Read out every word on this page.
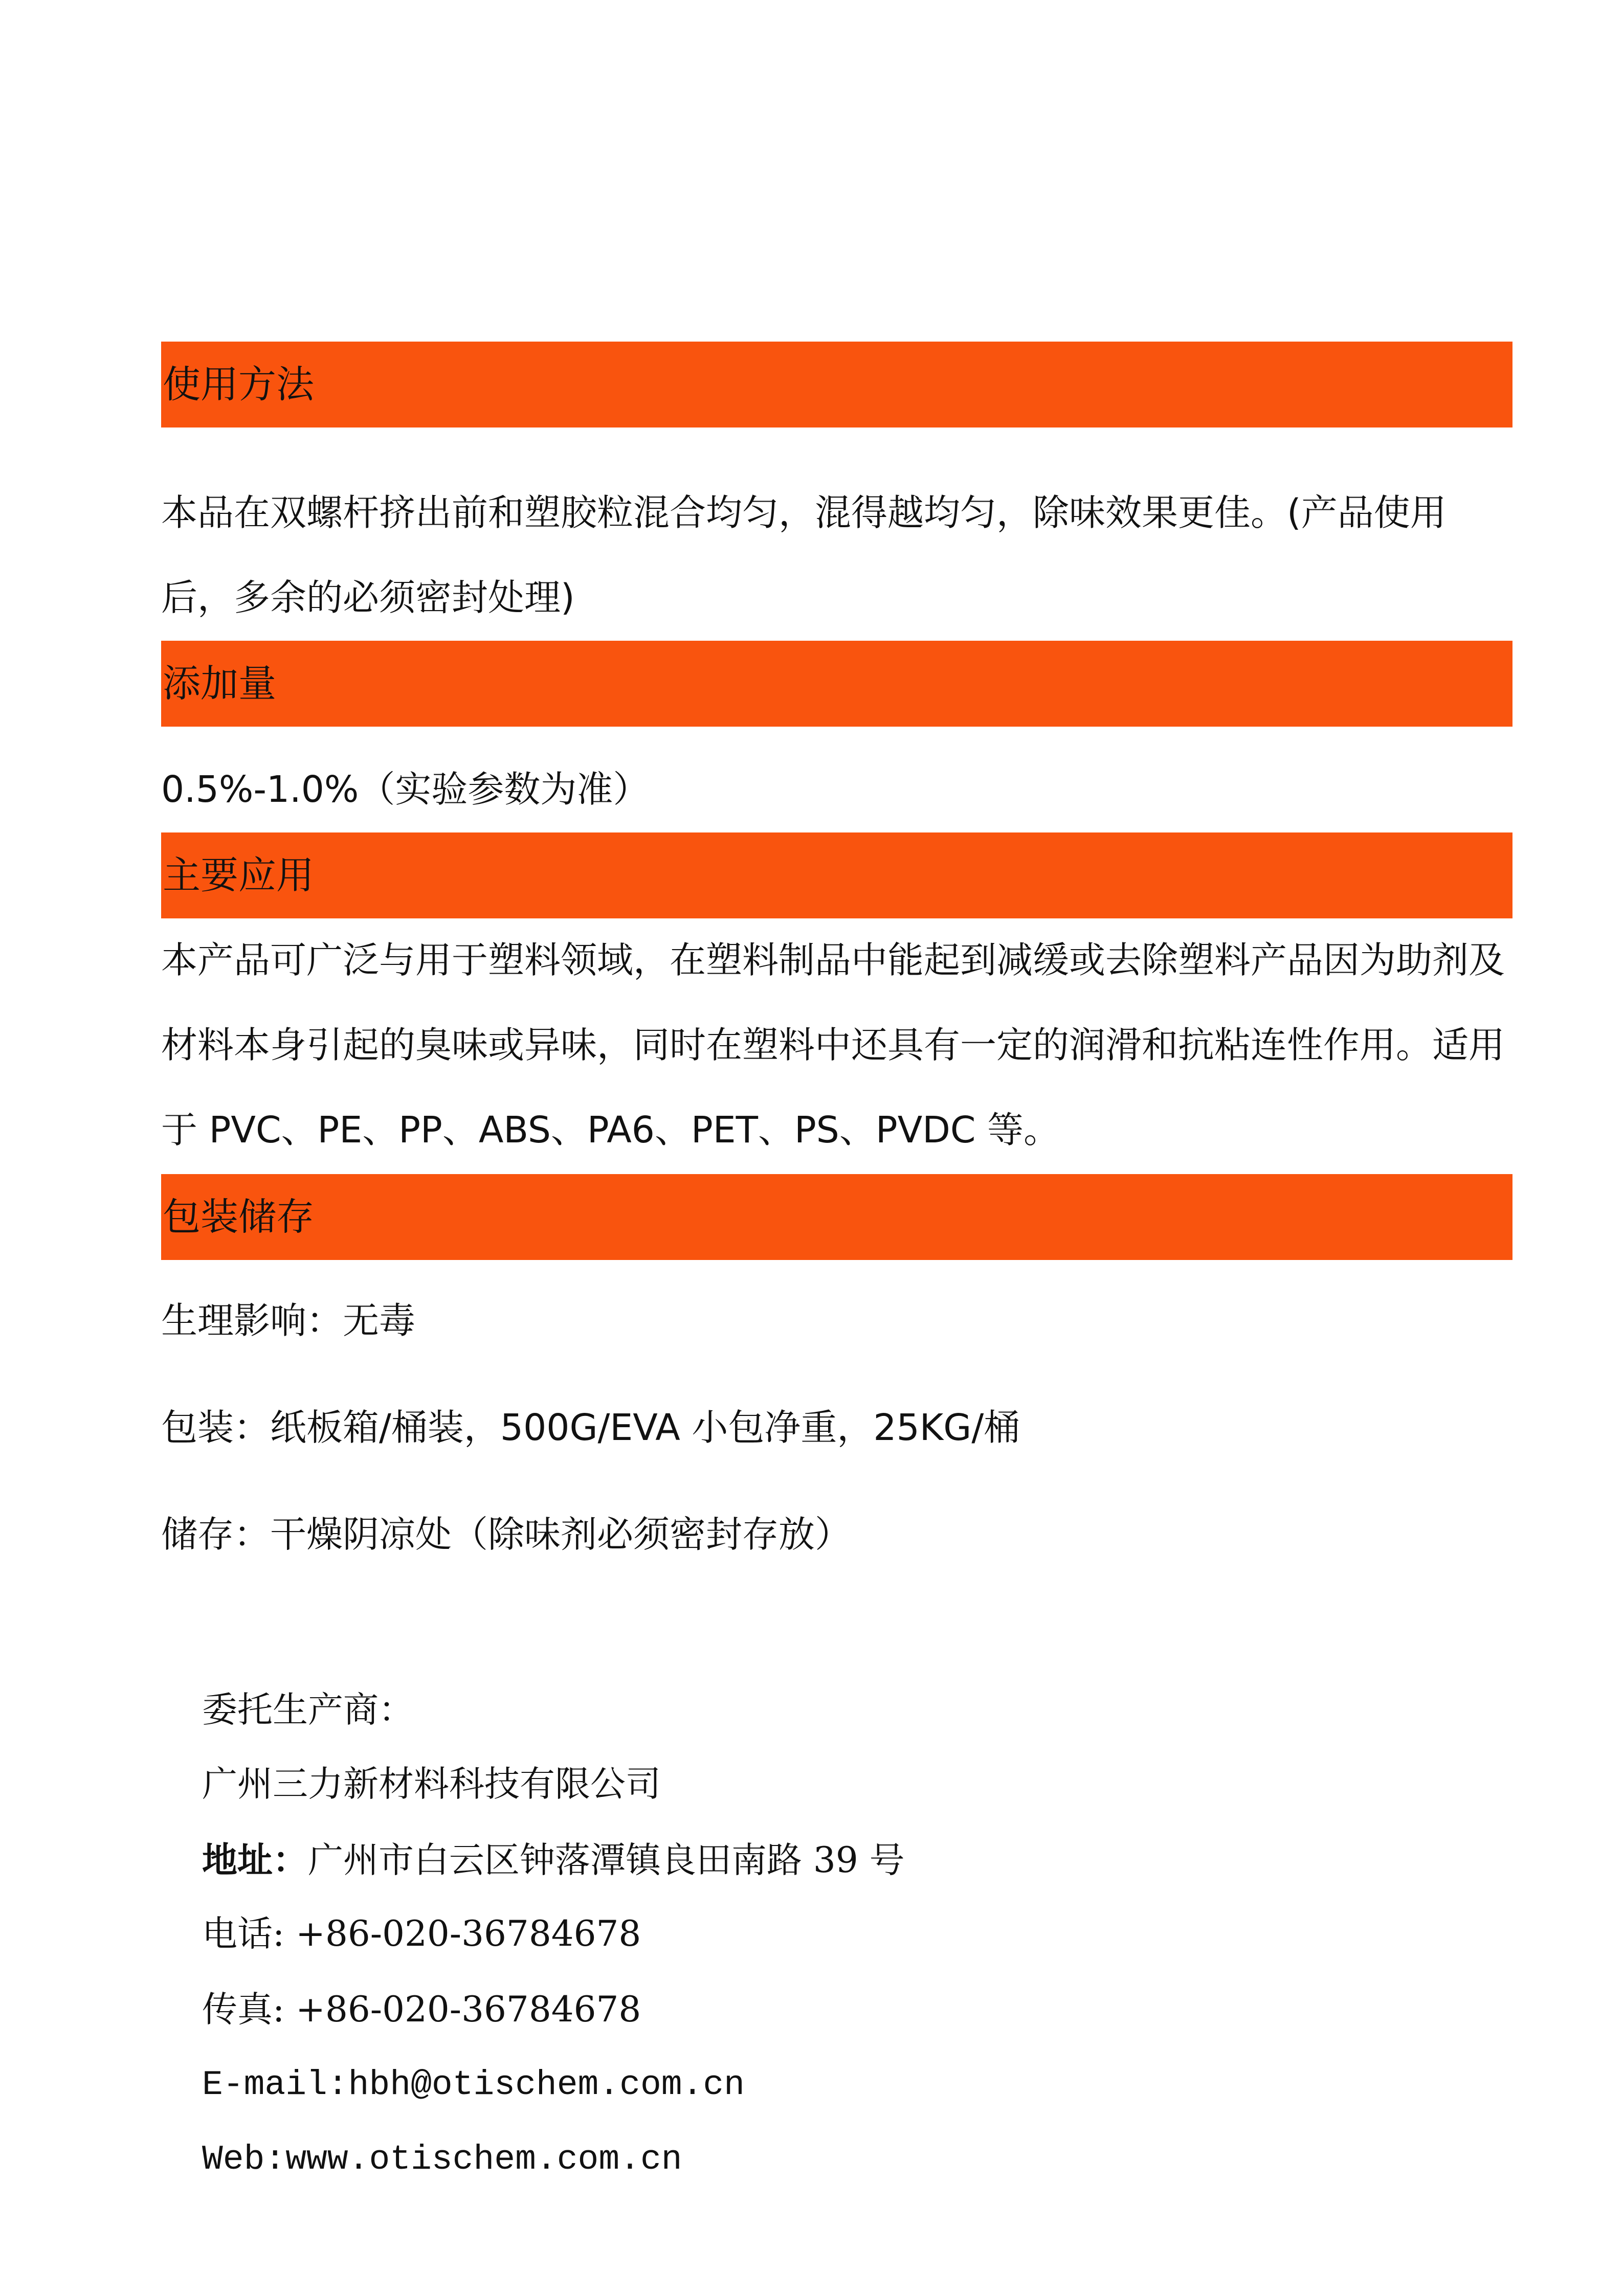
使用方法

本品在双螺杆挤出前和塑胶粒混合均匀，混得越均匀，除味效果更佳。(产品使用后，多余的必须密封处理)

添加量
0.5%-1.0%（实验参数为准）
主要应用

本产品可广泛与用于塑料领域，在塑料制品中能起到减缓或去除塑料产品因为助剂及材料本身引起的臭味或异味，同时在塑料中还具有一定的润滑和抗粘连性作用。适用于 PVC、PE、PP、ABS、PA6、PET、PS、PVDC 等。

包装储存
生理影响：无毒
包装：纸板箱/桶装，500G/EVA 小包净重，25KG/桶
储存：干燥阴凉处（除味剂必须密封存放）
委托生产商：
广州三力新材料科技有限公司
地址：广州市白云区钟落潭镇良田南路 39 号
电话: +86-020-36784678
传真: +86-020-36784678
E-mail:hbh@otischem.com.cn
Web:www.otischem.com.cn
